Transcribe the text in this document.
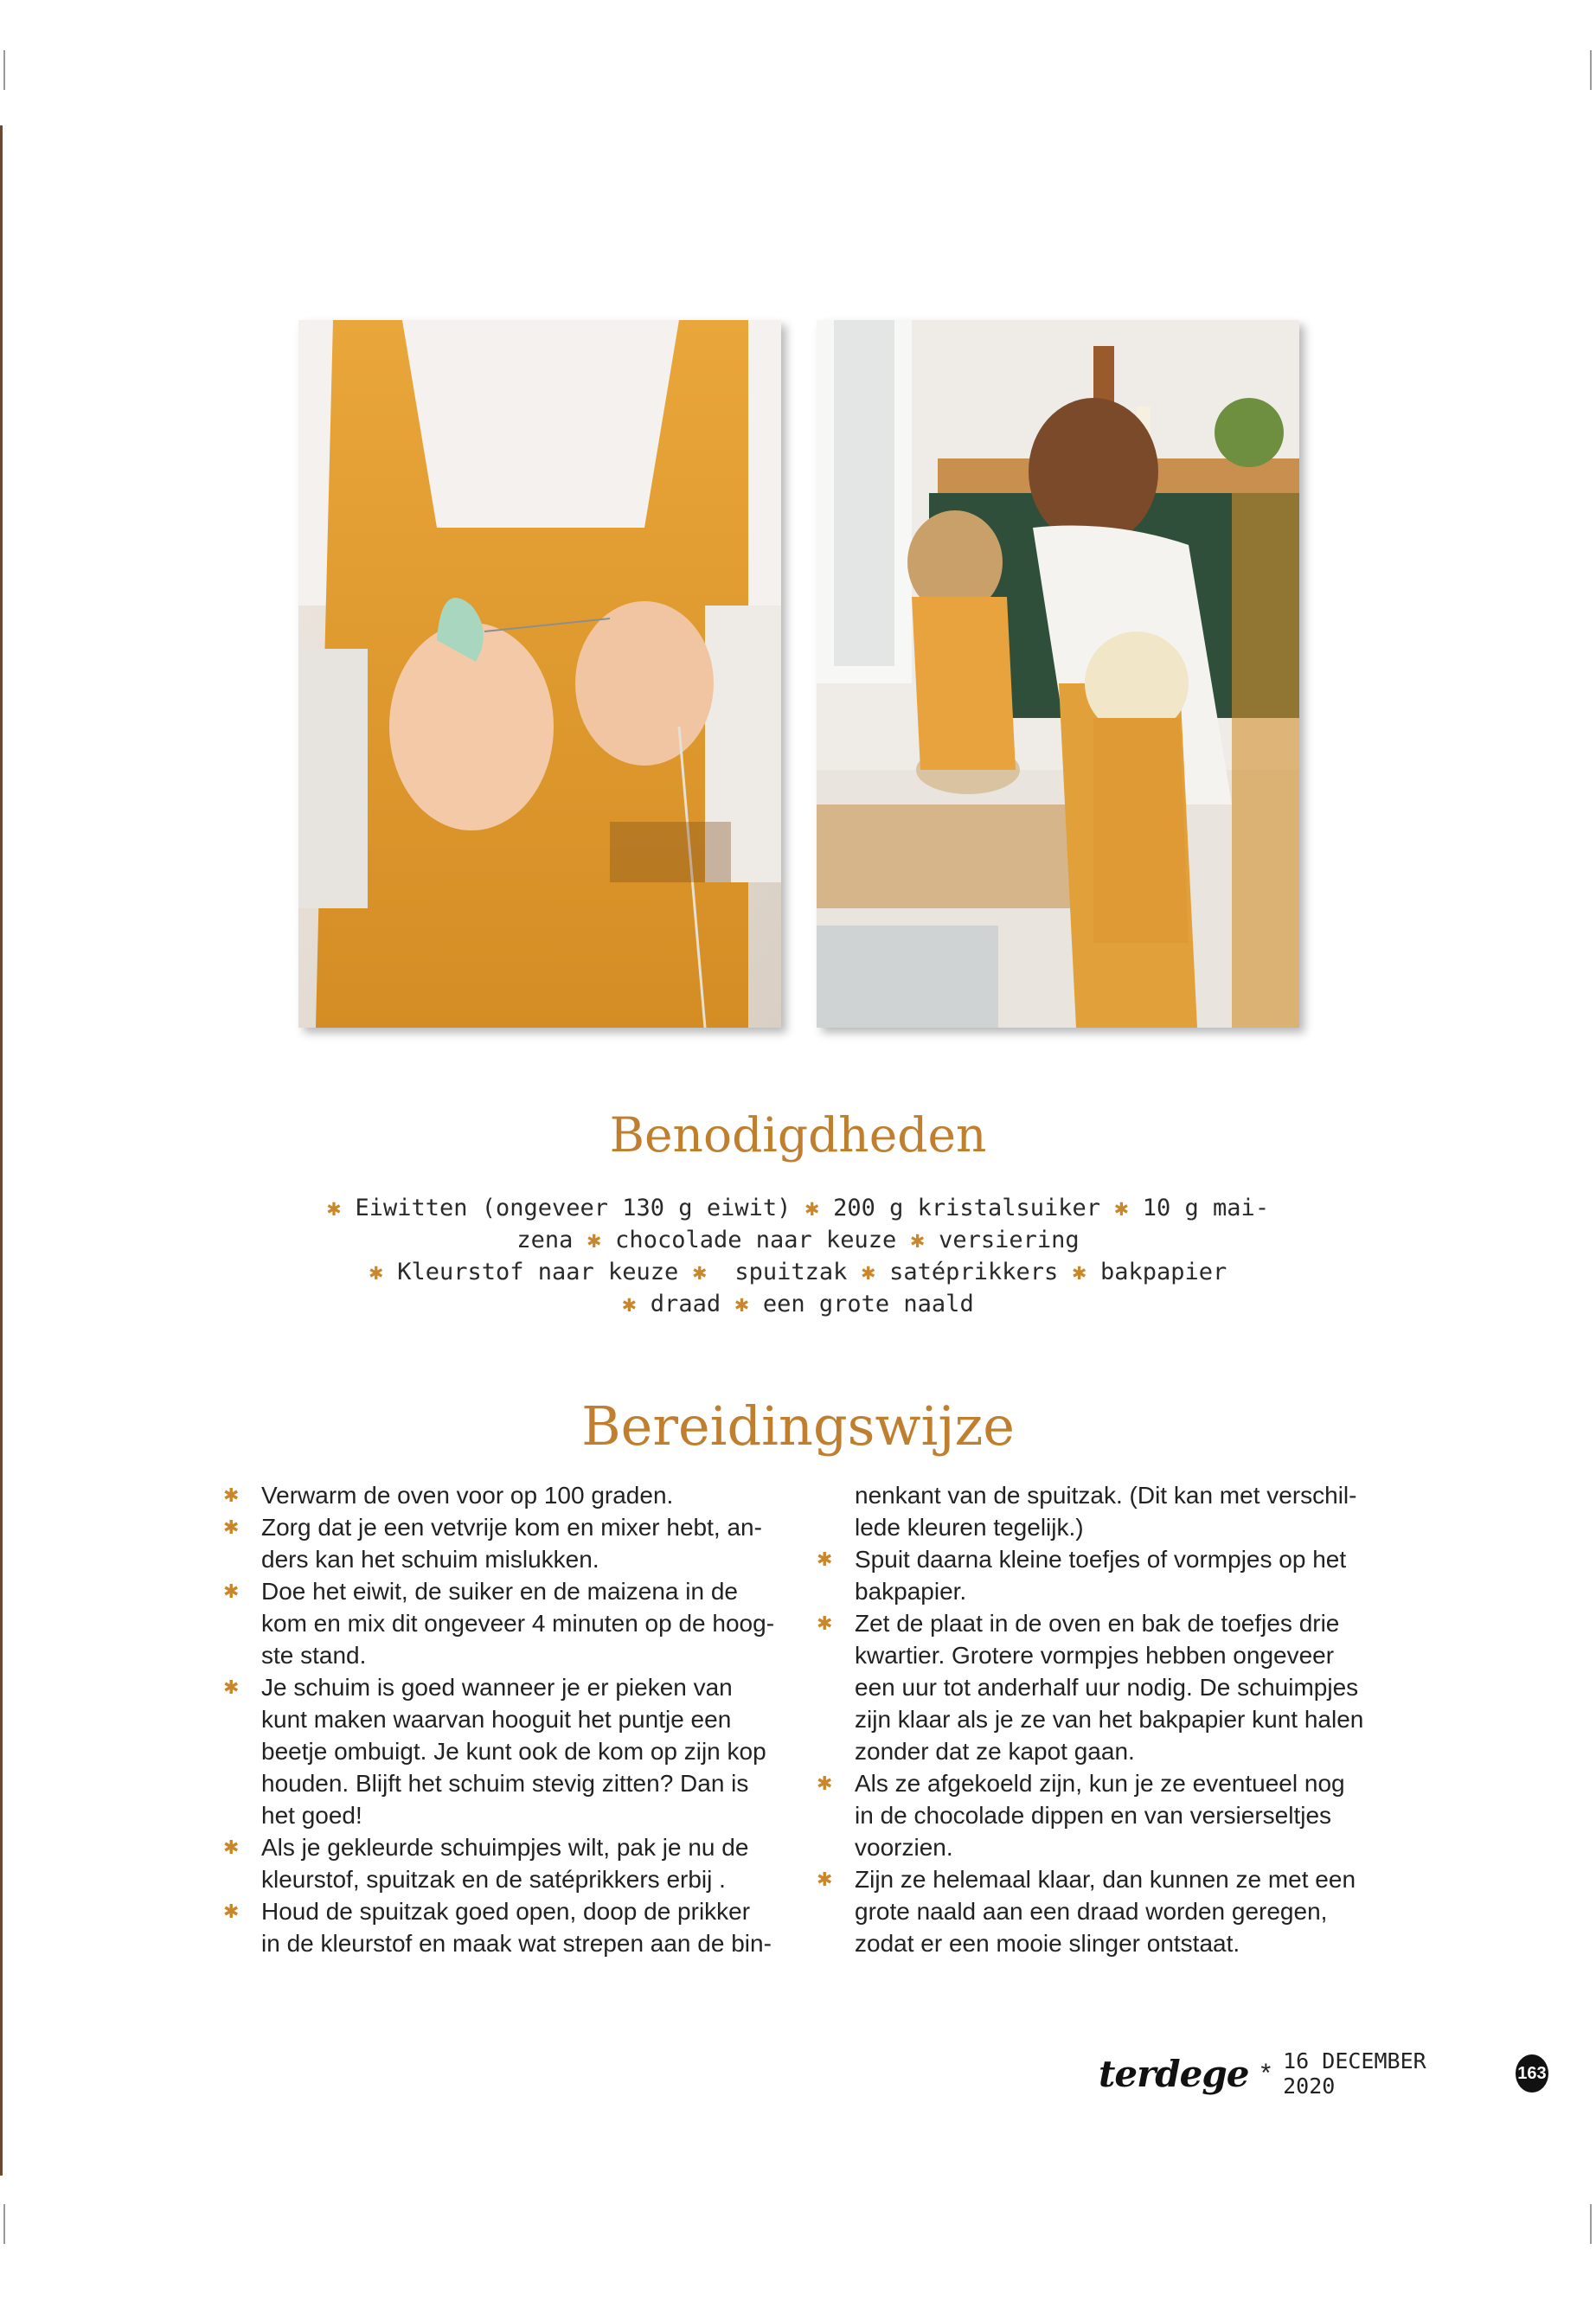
Benodigdheden
✱ Eiwitten (ongeveer 130 g eiwit) ✱ 200 g kristalsuiker ✱ 10 g mai-
zena ✱ chocolade naar keuze ✱ versiering
✱ Kleurstof naar keuze ✱  spuitzak ✱ satéprikkers ✱ bakpapier
✱ draad ✱ een grote naald
Bereidingswijze
✱ Verwarm de oven voor op 100 graden.
✱ Zorg dat je een vetvrije kom en mixer hebt, an-
ders kan het schuim mislukken.
✱ Doe het eiwit, de suiker en de maizena in de
kom en mix dit ongeveer 4 minuten op de hoog-
ste stand.
✱ Je schuim is goed wanneer je er pieken van
kunt maken waarvan hooguit het puntje een
beetje ombuigt. Je kunt ook de kom op zijn kop
houden. Blijft het schuim stevig zitten? Dan is
het goed!
✱ Als je gekleurde schuimpjes wilt, pak je nu de
kleurstof, spuitzak en de satéprikkers erbij .
✱ Houd de spuitzak goed open, doop de prikker
in de kleurstof en maak wat strepen aan de bin-
nenkant van de spuitzak. (Dit kan met verschil-
lede kleuren tegelijk.)
✱ Spuit daarna kleine toefjes of vormpjes op het
bakpapier.
✱ Zet de plaat in de oven en bak de toefjes drie
kwartier. Grotere vormpjes hebben ongeveer
een uur tot anderhalf uur nodig. De schuimpjes
zijn klaar als je ze van het bakpapier kunt halen
zonder dat ze kapot gaan.
✱ Als ze afgekoeld zijn, kun je ze eventueel nog
in de chocolade dippen en van versierseltjes
voorzien.
✱ Zijn ze helemaal klaar, dan kunnen ze met een
grote naald aan een draad worden geregen,
zodat er een mooie slinger ontstaat.
terdege * 16 DECEMBER 2020
163
